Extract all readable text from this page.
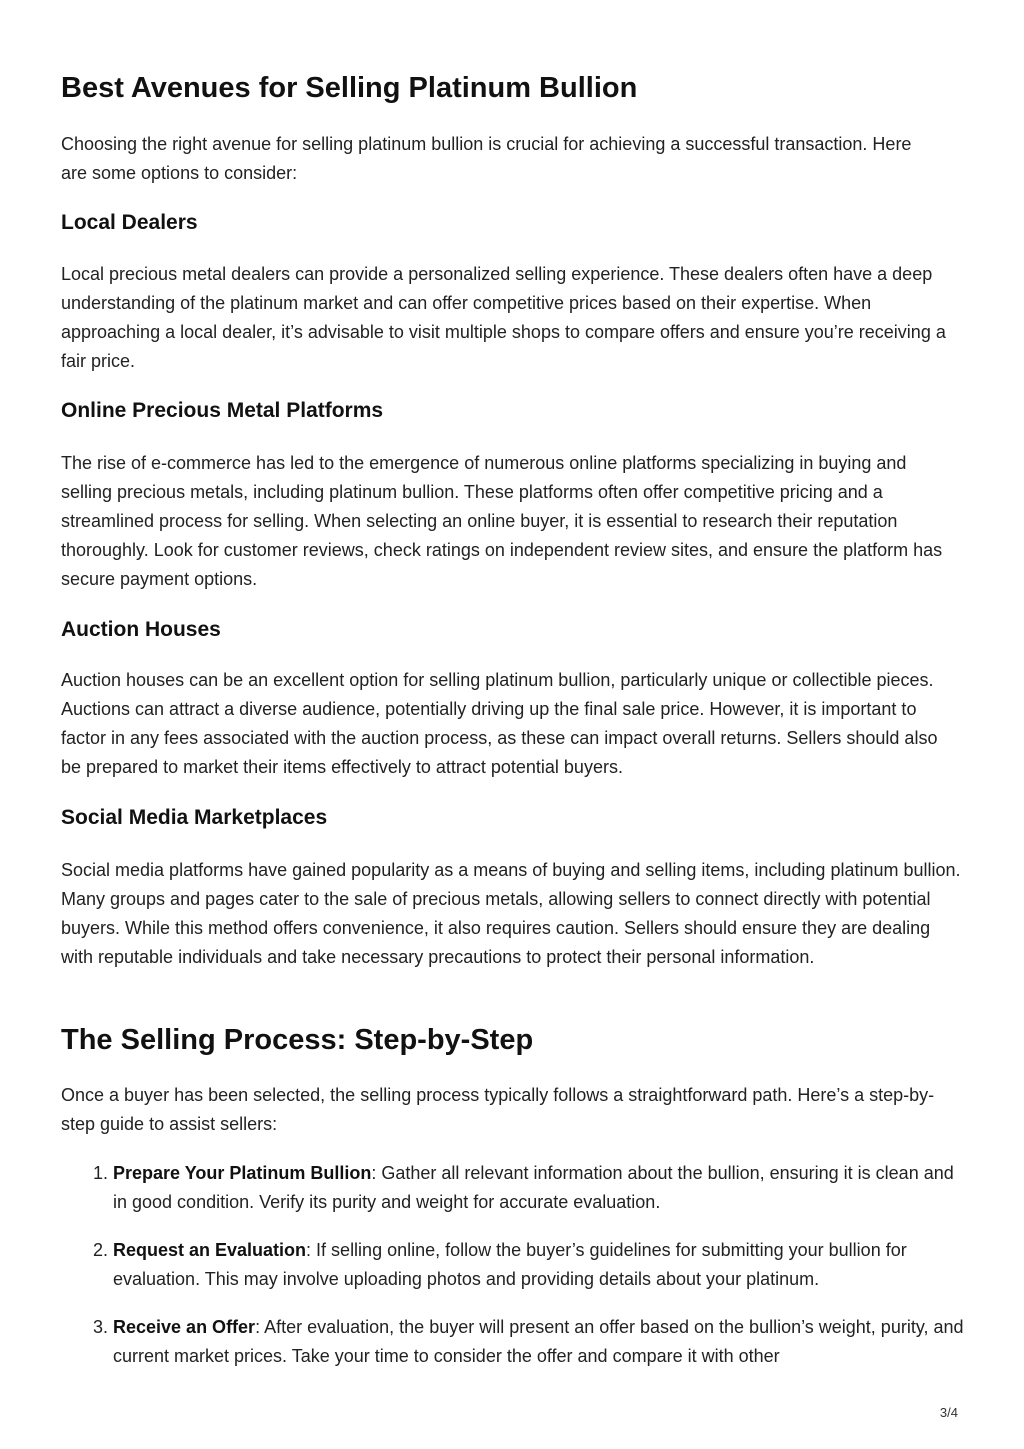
Best Avenues for Selling Platinum Bullion

Choosing the right avenue for selling platinum bullion is crucial for achieving a successful transaction. Here are some options to consider:

Local Dealers

Local precious metal dealers can provide a personalized selling experience. These dealers often have a deep understanding of the platinum market and can offer competitive prices based on their expertise. When approaching a local dealer, it’s advisable to visit multiple shops to compare offers and ensure you’re receiving a fair price.

Online Precious Metal Platforms

The rise of e-commerce has led to the emergence of numerous online platforms specializing in buying and selling precious metals, including platinum bullion. These platforms often offer competitive pricing and a streamlined process for selling. When selecting an online buyer, it is essential to research their reputation thoroughly. Look for customer reviews, check ratings on independent review sites, and ensure the platform has secure payment options.

Auction Houses

Auction houses can be an excellent option for selling platinum bullion, particularly unique or collectible pieces. Auctions can attract a diverse audience, potentially driving up the final sale price. However, it is important to factor in any fees associated with the auction process, as these can impact overall returns. Sellers should also be prepared to market their items effectively to attract potential buyers.

Social Media Marketplaces

Social media platforms have gained popularity as a means of buying and selling items, including platinum bullion. Many groups and pages cater to the sale of precious metals, allowing sellers to connect directly with potential buyers. While this method offers convenience, it also requires caution. Sellers should ensure they are dealing with reputable individuals and take necessary precautions to protect their personal information.

The Selling Process: Step-by-Step

Once a buyer has been selected, the selling process typically follows a straightforward path. Here’s a step-by-step guide to assist sellers:

1. Prepare Your Platinum Bullion: Gather all relevant information about the bullion, ensuring it is clean and in good condition. Verify its purity and weight for accurate evaluation.
2. Request an Evaluation: If selling online, follow the buyer’s guidelines for submitting your bullion for evaluation. This may involve uploading photos and providing details about your platinum.
3. Receive an Offer: After evaluation, the buyer will present an offer based on the bullion’s weight, purity, and current market prices. Take your time to consider the offer and compare it with other
3/4
